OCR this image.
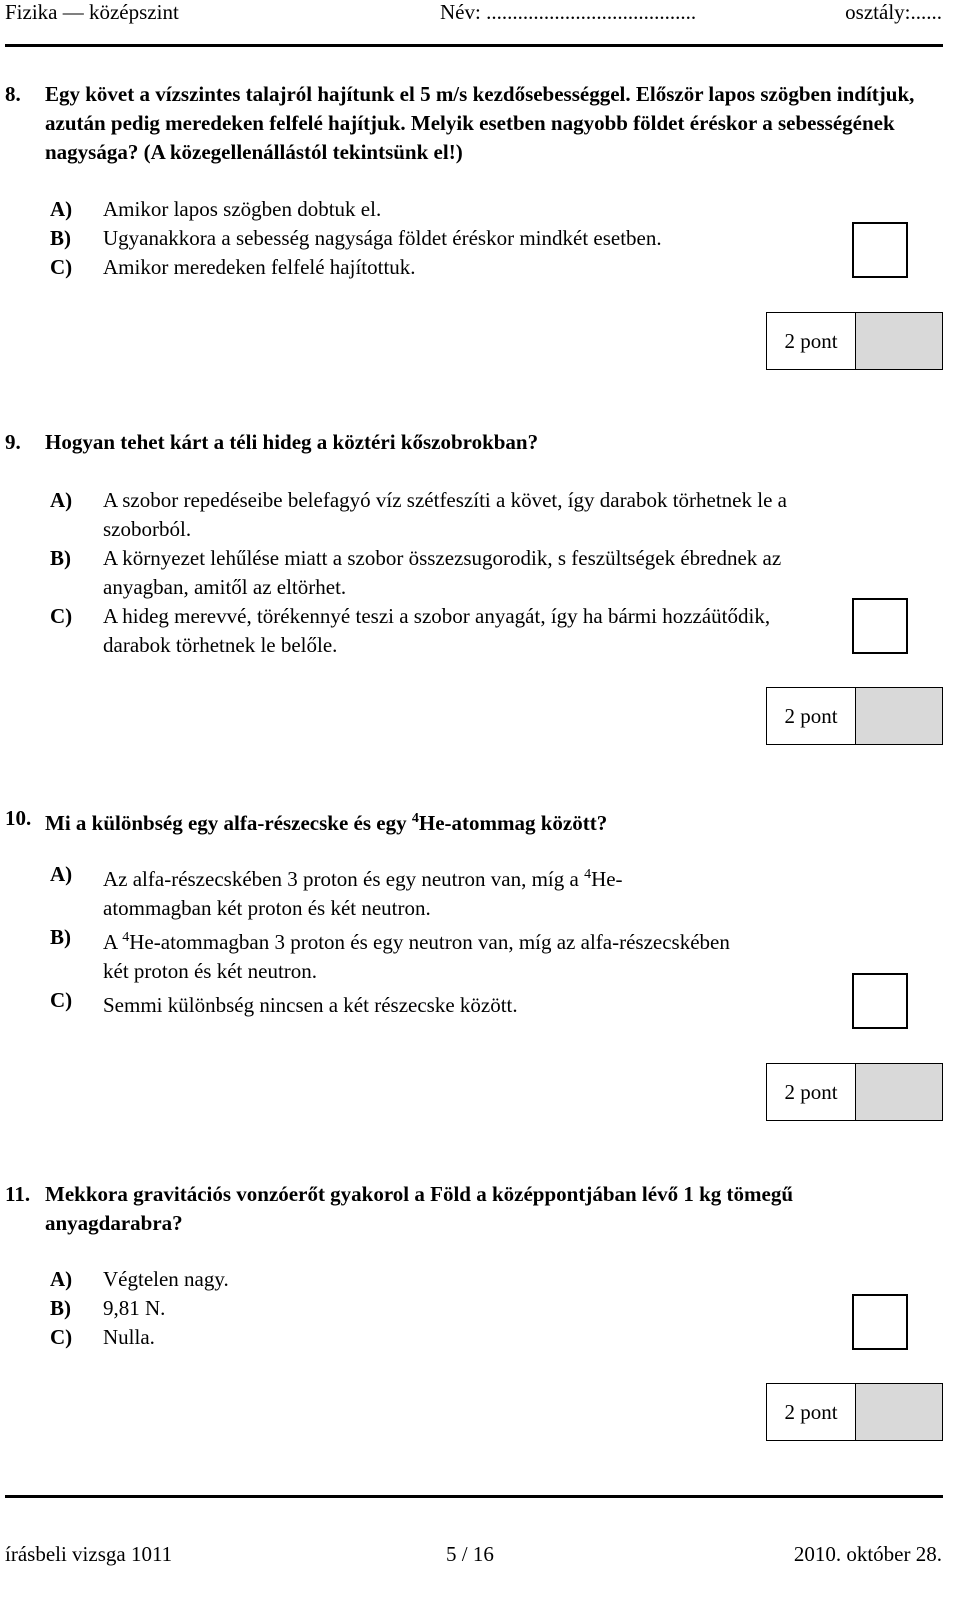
Fizika — középszint	Név: ........................................	osztály:......
8. Egy követ a vízszintes talajról hajítunk el 5 m/s kezdősebességgel. Először lapos szögben indítjuk, azután pedig meredeken felfelé hajítjuk. Melyik esetben nagyobb földet éréskor a sebességének nagysága? (A közegellenállástól tekintsünk el!)
A) Amikor lapos szögben dobtuk el.
B) Ugyanakkora a sebesség nagysága földet éréskor mindkét esetben.
C) Amikor meredeken felfelé hajítottuk.
2 pont
9. Hogyan tehet kárt a téli hideg a köztéri kőszobrokban?
A) A szobor repedéseibe belefagyó víz szétfeszíti a követ, így darabok törhetnek le a szoborból.
B) A környezet lehűlése miatt a szobor összezsugorodik, s feszültségek ébrednek az anyagban, amitől az eltörhet.
C) A hideg merevvé, törékennyé teszi a szobor anyagát, így ha bármi hozzáütődik, darabok törhetnek le belőle.
2 pont
10. Mi a különbség egy alfa-részecske és egy $^4$He-atommag között?
A) Az alfa-részecskében 3 proton és egy neutron van, míg a $^4$He-atommagban két proton és két neutron.
B) A $^4$He-atommagban 3 proton és egy neutron van, míg az alfa-részecskében két proton és két neutron.
C) Semmi különbség nincsen a két részecske között.
2 pont
11. Mekkora gravitációs vonzóerőt gyakorol a Föld a középpontjában lévő 1 kg tömegű anyagdarabra?
A) Végtelen nagy.
B) 9,81 N.
C) Nulla.
2 pont
írásbeli vizsga 1011	5 / 16	2010. október 28.
